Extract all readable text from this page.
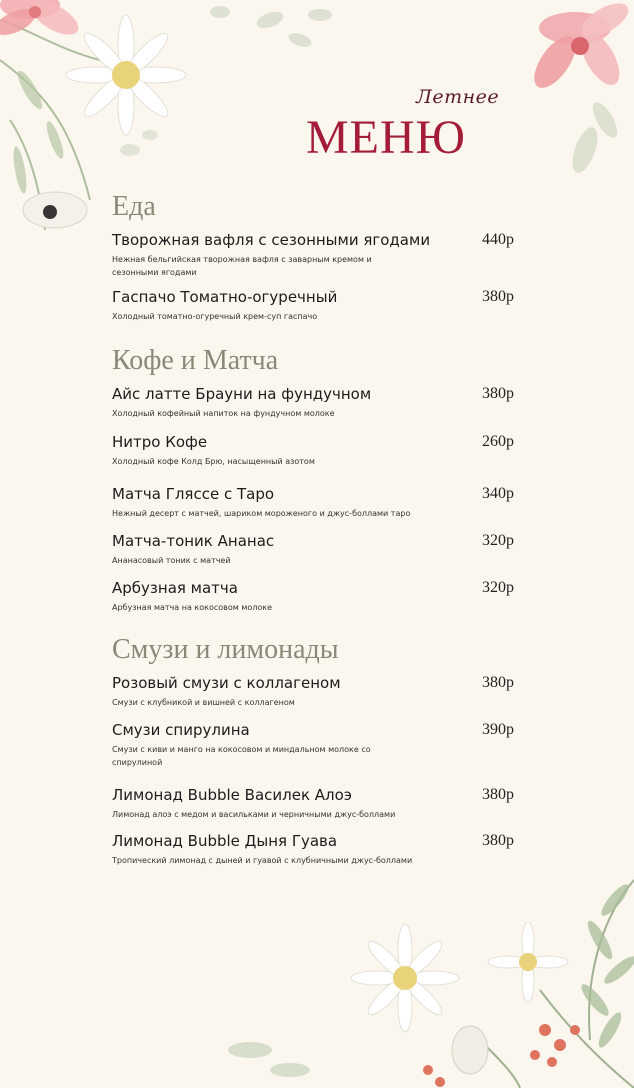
Летнее
МЕНЮ
Еда
Творожная вафля с сезонными ягодами
Нежная бельгийская творожная вафля с заварным кремом и сезонными ягодами
440р
Гаспачо Томатно-огуречный
Холодный томатно-огуречный крем-суп гаспачо
380р
Кофе и Матча
Айс латте Брауни на фундучном
Холодный кофейный напиток на фундучном молоке
380р
Нитро Кофе
Холодный кофе Колд Брю, насыщенный азотом
260р
Матча Гляссе с Таро
Нежный десерт с матчей, шариком мороженого и джус-боллами таро
340р
Матча-тоник Ананас
Ананасовый тоник с матчей
320р
Арбузная матча
Арбузная матча на кокосовом молоке
320р
Смузи и лимонады
Розовый смузи с коллагеном
Смузи с клубникой и вишней с коллагеном
380р
Смузи спирулина
Смузи с киви и манго на кокосовом и миндальном молоке со спирулиной
390р
Лимонад Bubble Василек Алоэ
Лимонад алоэ с медом и васильками и черничными джус-боллами
380р
Лимонад Bubble Дыня Гуава
Тропический лимонад с дыней и гуавой с клубничными джус-боллами
380р
